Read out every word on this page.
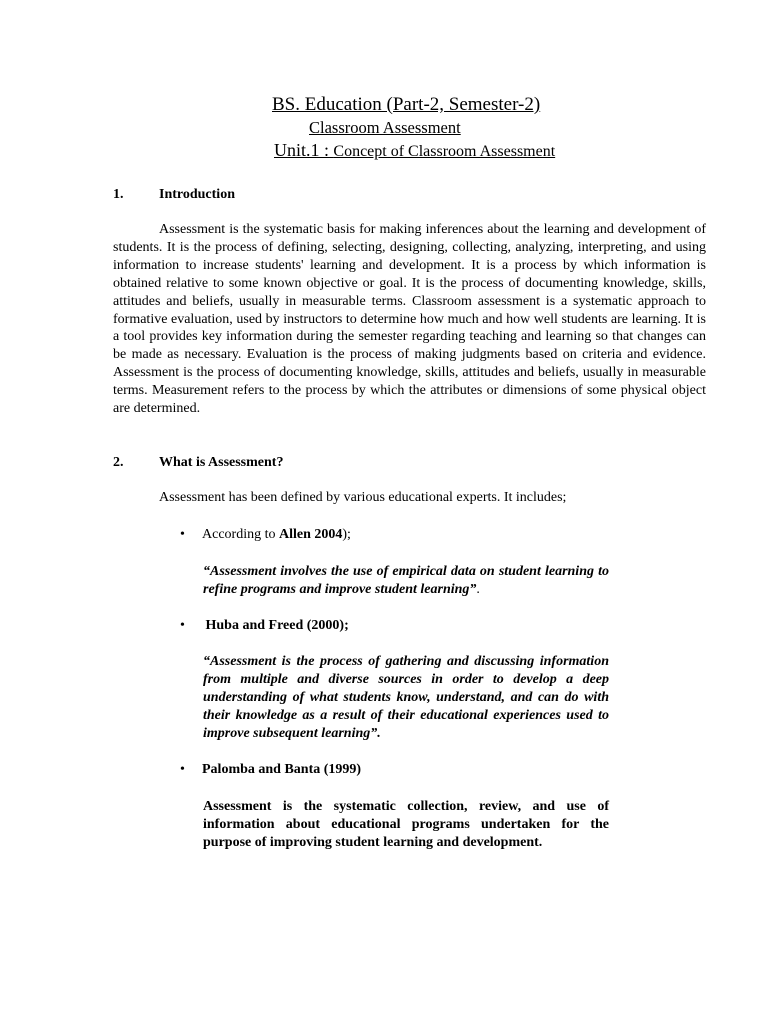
BS. Education (Part-2, Semester-2)
Classroom Assessment
Unit.1 : Concept of Classroom Assessment
1.	Introduction
Assessment is the systematic basis for making inferences about the learning and development of students. It is the process of defining, selecting, designing, collecting, analyzing, interpreting, and using information to increase students' learning and development. It is a process by which information is obtained relative to some known objective or goal. It is the process of documenting knowledge, skills, attitudes and beliefs, usually in measurable terms. Classroom assessment is a systematic approach to formative evaluation, used by instructors to determine how much and how well students are learning. It is a tool provides key information during the semester regarding teaching and learning so that changes can be made as necessary. Evaluation is the process of making judgments based on criteria and evidence. Assessment is the process of documenting knowledge, skills, attitudes and beliefs, usually in measurable terms. Measurement refers to the process by which the attributes or dimensions of some physical object are determined.
2.	What is Assessment?
Assessment has been defined by various educational experts. It includes;
• According to Allen 2004);
“Assessment involves the use of empirical data on student learning to refine programs and improve student learning”.
• Huba and Freed (2000);
“Assessment is the process of gathering and discussing information from multiple and diverse sources in order to develop a deep understanding of what students know, understand, and can do with their knowledge as a result of their educational experiences used to improve subsequent learning”.
• Palomba and Banta (1999)
Assessment is the systematic collection, review, and use of information about educational programs undertaken for the purpose of improving student learning and development.
